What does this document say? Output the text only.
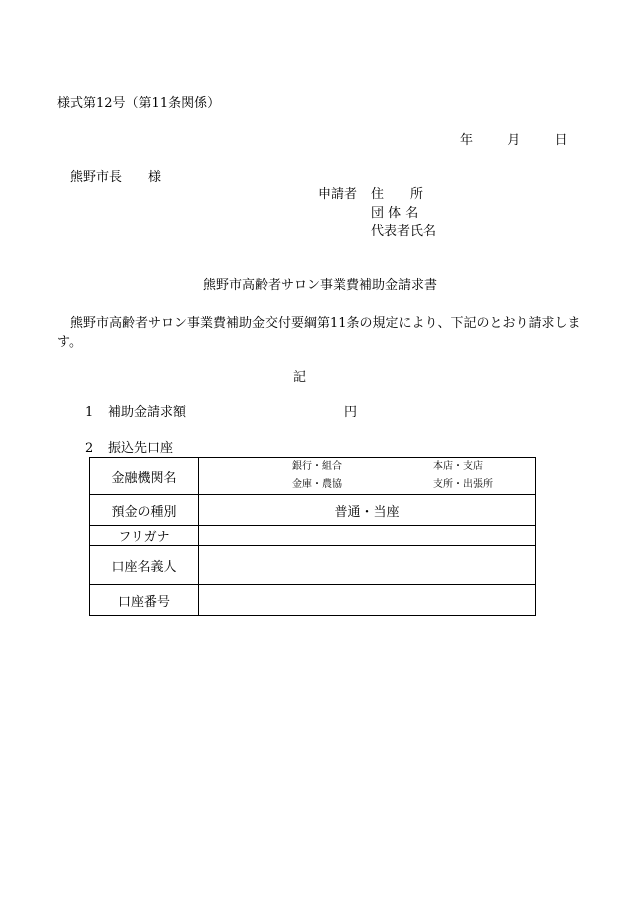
様式第12号（第11条関係）
年	月	日
熊野市長　　様
申請者 住　　所
団 体 名
代表者氏名
熊野市高齢者サロン事業費補助金請求書
熊野市高齢者サロン事業費補助金交付要綱第11条の規定により、下記のとおり請求します。
記
1 補助金請求額	円
2 振込先口座
金融機関名	銀行・組合
金庫・農協
本店・支店
支所・出張所

預金の種別	普通・当座
フリガナ	
口座名義人	
口座番号	
